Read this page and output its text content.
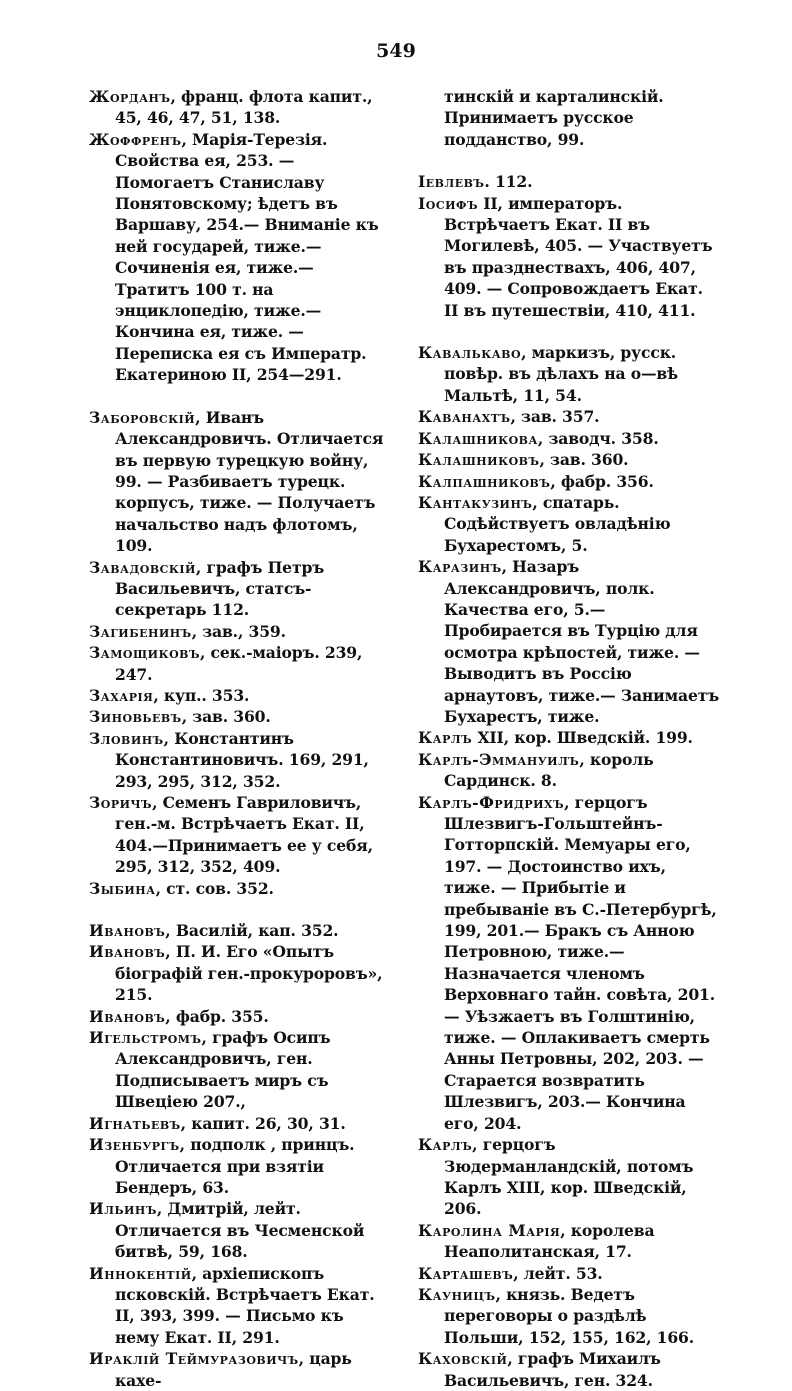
549
Жорданъ, франц. флота капит., 45, 46, 47, 51, 138.
Жоффренъ, Марія-Терезія. Свойства ея, 253. — Помогаетъ Станиславу Понятовскому; ѣдетъ въ Варшаву, 254.— Вниманіе къ ней государей, тиже.— Сочиненія ея, тиже.— Тратитъ 100 т. на энциклопедію, тиже.—Кончина ея, тиже. — Переписка ея съ Императр. Екатериною II, 254—291.
Заборовскій, Иванъ Александровичъ. Отличается въ первую турецкую войну, 99. — Разбиваетъ турецк. корпусъ, тиже. — Получаетъ начальство надъ флотомъ, 109.
Завадовскій, графъ Петръ Васильевичъ, статсъ-секретарь 112.
Загибенинъ, зав., 359.
Замощиковъ, сек.-маіоръ. 239, 247.
Захарія, куп.. 353.
Зиновьевъ, зав. 360.
Зловинъ, Константинъ Константиновичъ. 169, 291, 293, 295, 312, 352.
Зоричъ, Семенъ Гавриловичъ, ген.-м. Встрѣчаетъ Екат. II, 404.—Принимаетъ ее у себя, 295, 312, 352, 409.
Зыбина, ст. сов. 352.
Ивановъ, Василій, кап. 352.
Ивановъ, П. И. Его «Опытъ біографій ген.-прокуроровъ», 215.
Ивановъ, фабр. 355.
Игельстромъ, графъ Осипъ Александровичъ, ген. Подписываетъ миръ съ Швеціею 207.,
Игнатьевъ, капит. 26, 30, 31.
Изенбургъ, подполк , принцъ. Отличается при взятіи Бендеръ, 63.
Ильинъ, Дмитрій, лейт. Отличается въ Чесменской битвѣ, 59, 168.
Иннокентій, архіепископъ псковскій. Встрѣчаетъ Екат. II, 393, 399. — Письмо къ нему Екат. II, 291.
Ираклій Теймуразовичъ, царь кахе-
тинскій и карталинскій. Принимаетъ русское подданство, 99.
Іевлевъ. 112.
Іосифъ II, императоръ. Встрѣчаетъ Екат. II въ Могилевѣ, 405. — Участвуетъ въ празднествахъ, 406, 407, 409. — Сопровождаетъ Екат. II въ путешествіи, 410, 411.
Кавалькаво, маркизъ, русск. повѣр. въ дѣлахъ на о—вѣ Мальтѣ, 11, 54.
Каванахтъ, зав. 357.
Калашникова, заводч. 358.
Калашниковъ, зав. 360.
Калпашниковъ, фабр. 356.
Кантакузинъ, спатарь. Содѣйствуетъ овладѣнію Бухарестомъ, 5.
Каразинъ, Назаръ Александровичъ, полк. Качества его, 5.—Пробирается въ Турцію для осмотра крѣпостей, тиже. — Выводитъ въ Россію арнаутовъ, тиже.— Занимаетъ Бухарестъ, тиже.
Карлъ XII, кор. Шведскій. 199.
Карлъ-Эммануилъ, король Сардинск. 8.
Карлъ-Фридрихъ, герцогъ Шлезвигъ-Гольштейнъ-Готторпскій. Мемуары его, 197. — Достоинство ихъ, тиже. — Прибытіе и пребываніе въ С.-Петербургѣ, 199, 201.— Бракъ съ Анною Петровною, тиже.— Назначается членомъ Верховнаго тайн. совѣта, 201.— Уѣзжаетъ въ Голштинію, тиже. — Оплакиваетъ смерть Анны Петровны, 202, 203. — Старается возвратить Шлезвигъ, 203.— Кончина его, 204.
Карлъ, герцогъ Зюдерманландскій, потомъ Карлъ XIII, кор. Шведскій, 206.
Каролина Марія, королева Неаполитанская, 17.
Карташевъ, лейт. 53.
Кауницъ, князь. Ведетъ переговоры о раздѣлѣ Польши, 152, 155, 162, 166.
Каховскій, графъ Михаилъ Васильевичъ, ген. 324.
